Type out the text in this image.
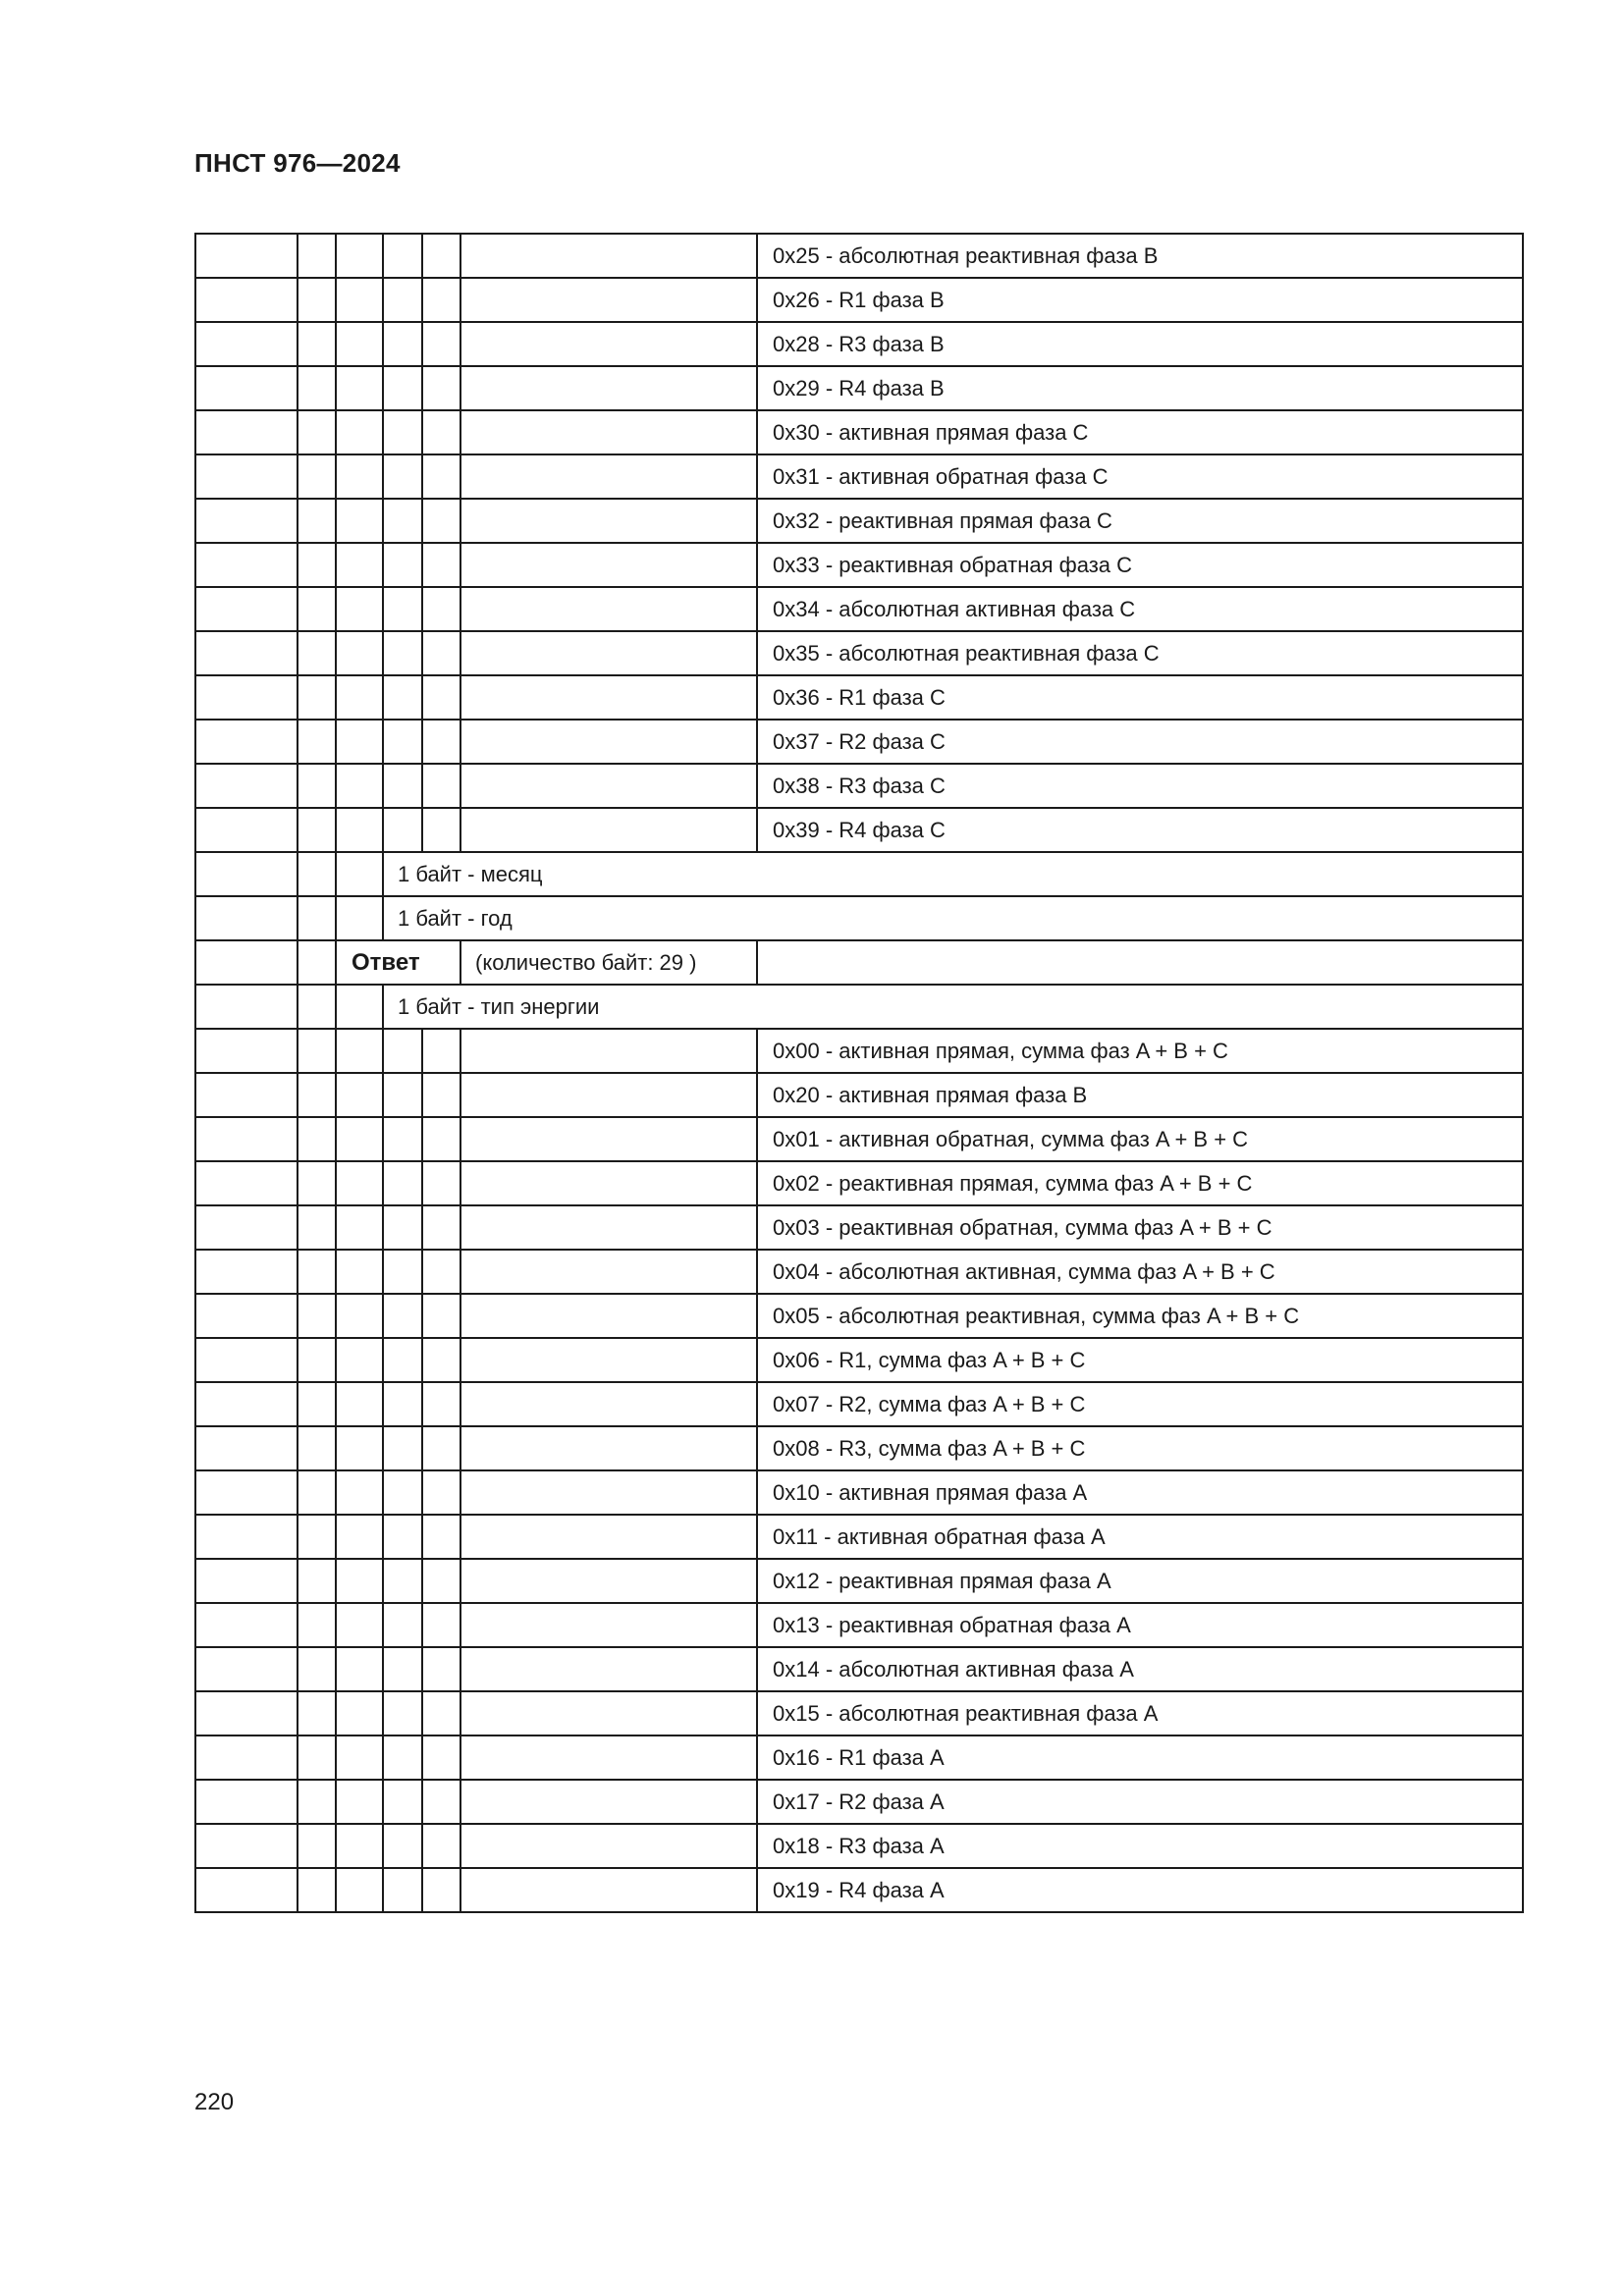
ПНСТ 976—2024
						0x25 - абсолютная реактивная фаза B
						0x26 - R1 фаза B
						0x28 - R3 фаза B
						0x29 - R4 фаза B
						0x30 - активная прямая фаза C
						0x31 - активная обратная фаза C
						0x32 - реактивная прямая фаза C
						0x33 - реактивная обратная фаза C
						0x34 - абсолютная активная фаза C
						0x35 - абсолютная реактивная фаза C
						0x36 - R1 фаза C
						0x37 - R2 фаза C
						0x38 - R3 фаза C
						0x39 - R4 фаза C
			1 байт - месяц			
			1 байт - год			
		Ответ			(количество байт: 29 )	
			1 байт - тип энергии			
						0x00 - активная прямая, сумма фаз A + B + C
						0x20 - активная прямая фаза B
						0x01 - активная обратная, сумма фаз A + B + C
						0x02 - реактивная прямая, сумма фаз A + B + C
						0x03 - реактивная обратная, сумма фаз A + B + C
						0x04 - абсолютная активная, сумма фаз A + B + C
						0x05 - абсолютная реактивная, сумма фаз A + B + C
						0x06 - R1, сумма фаз A + B + C
						0x07 - R2, сумма фаз A + B + C
						0x08 - R3, сумма фаз A + B + C
						0x10 - активная прямая фаза A
						0x11 - активная обратная фаза A
						0x12 - реактивная прямая фаза A
						0x13 - реактивная обратная фаза A
						0x14 - абсолютная активная фаза A
						0x15 - абсолютная реактивная фаза A
						0x16 - R1 фаза A
						0x17 - R2 фаза A
						0x18 - R3 фаза A
						0x19 - R4 фаза A
220
